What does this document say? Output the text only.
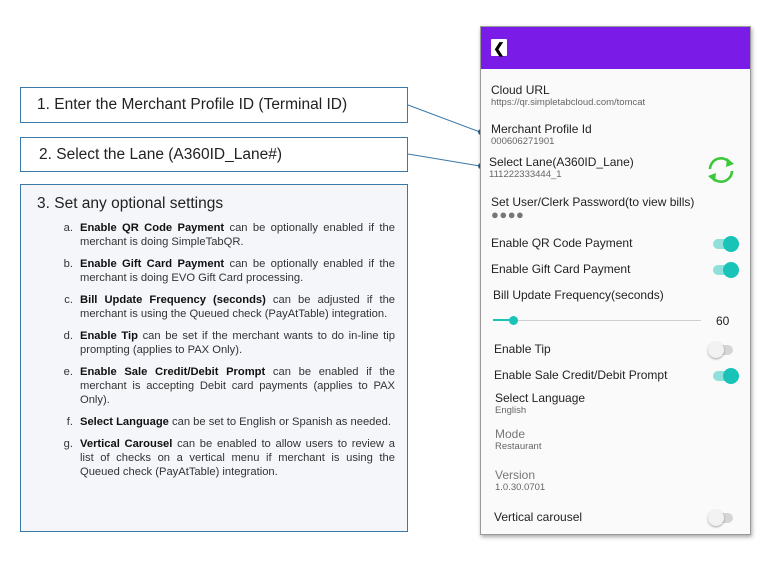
1. Enter the Merchant Profile ID (Terminal ID)
2. Select the Lane (A360ID_Lane#)
3. Set any optional settings
a. Enable QR Code Payment can be optionally enabled if the merchant is doing SimpleTabQR.
b. Enable Gift Card Payment can be optionally enabled if the merchant is doing EVO Gift Card processing.
c. Bill Update Frequency (seconds) can be adjusted if the merchant is using the Queued check (PayAtTable) integration.
d. Enable Tip can be set if the merchant wants to do in-line tip prompting (applies to PAX Only).
e. Enable Sale Credit/Debit Prompt can be enabled if the merchant is accepting Debit card payments (applies to PAX Only).
f. Select Language can be set to English or Spanish as needed.
g. Vertical Carousel can be enabled to allow users to review a list of checks on a vertical menu if merchant is using the Queued check (PayAtTable) integration.
❮
Cloud URL
https://qr.simpletabcloud.com/tomcat
Merchant Profile Id
000606271901
Select Lane(A360ID_Lane)
111222333444_1
Set User/Clerk Password(to view bills)
●●●●
Enable QR Code Payment
Enable Gift Card Payment
Bill Update Frequency(seconds)
60
Enable Tip
Enable Sale Credit/Debit Prompt
Select Language
English
Mode
Restaurant
Version
1.0.30.0701
Vertical carousel
